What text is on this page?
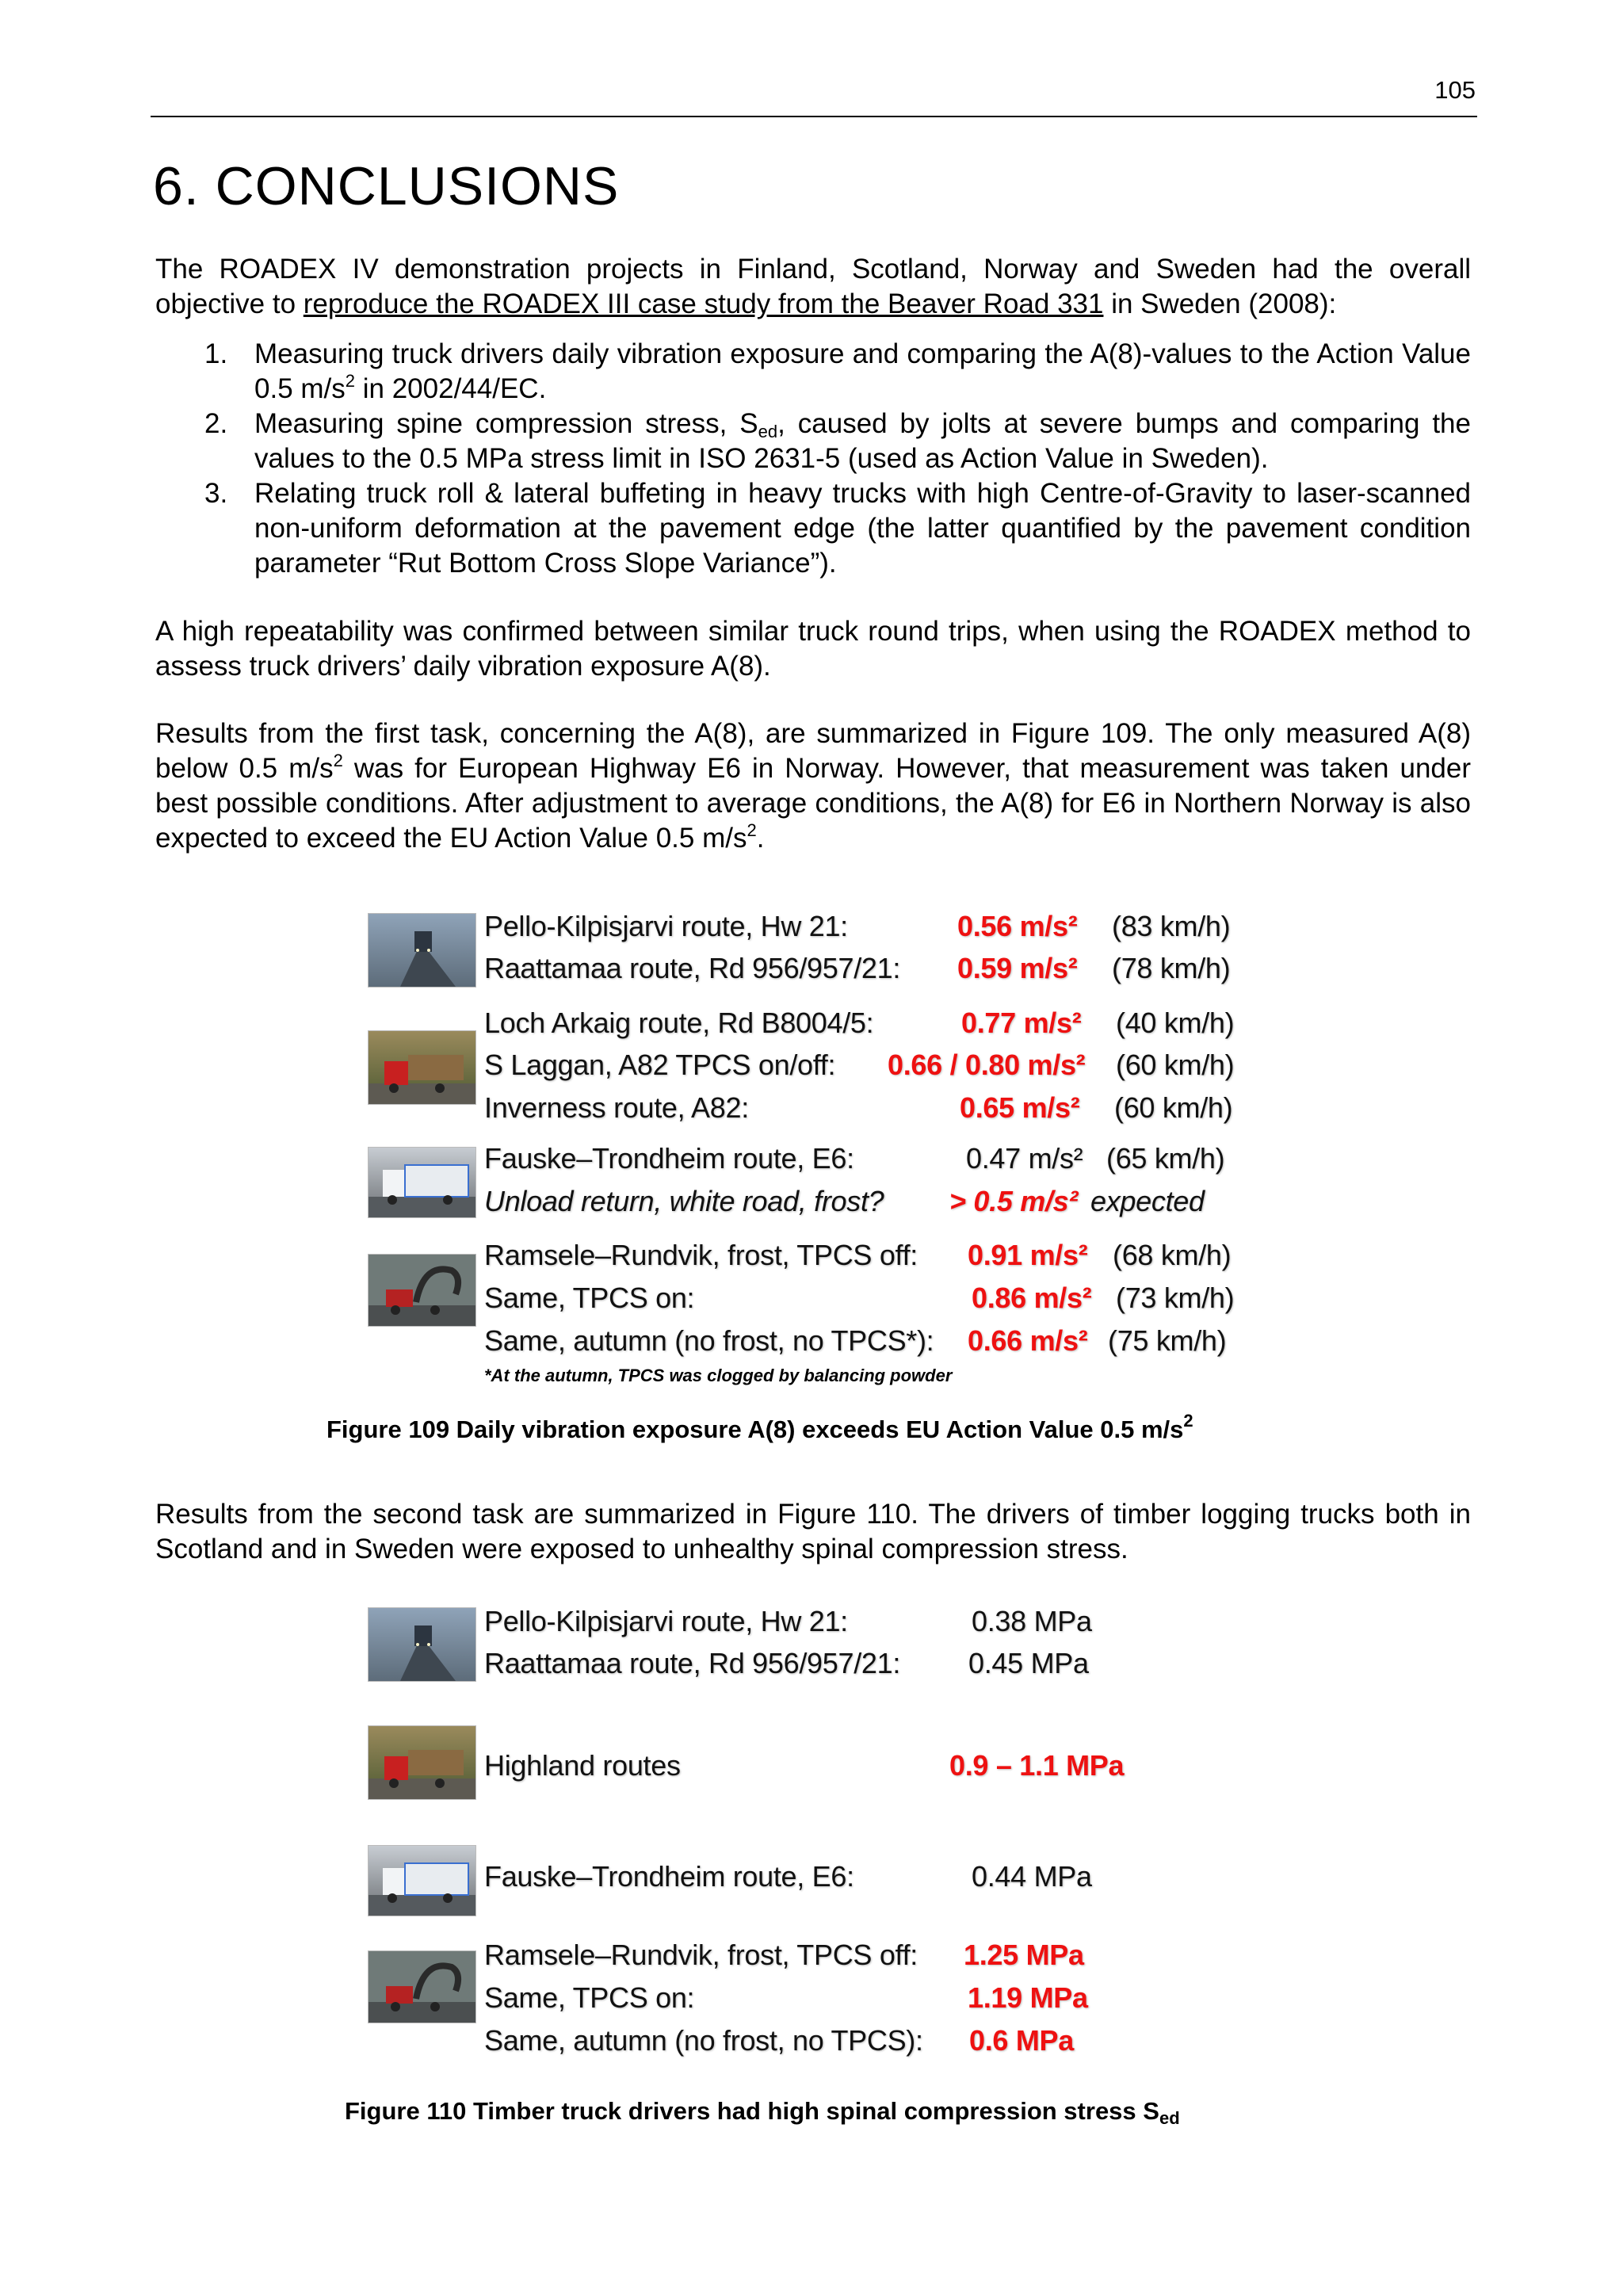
105
6. CONCLUSIONS

The ROADEX IV demonstration projects in Finland, Scotland, Norway and Sweden had the overall objective to reproduce the ROADEX III case study from the Beaver Road 331 in Sweden (2008):

1. Measuring truck drivers daily vibration exposure and comparing the A(8)-values to the Action Value 0.5 $m/s^2$ in 2002/44/EC.
2. Measuring spine compression stress, $S_{ed}$, caused by jolts at severe bumps and comparing the values to the 0.5 MPa stress limit in ISO 2631-5 (used as Action Value in Sweden).
3. Relating truck roll & lateral buffeting in heavy trucks with high Centre-of-Gravity to laser-scanned non-uniform deformation at the pavement edge (the latter quantified by the pavement condition parameter “Rut Bottom Cross Slope Variance”).

A high repeatability was confirmed between similar truck round trips, when using the ROADEX method to assess truck drivers’ daily vibration exposure A(8).

Results from the first task, concerning the A(8), are summarized in Figure 109. The only measured A(8) below 0.5 $m/s^2$ was for European Highway E6 in Norway. However, that measurement was taken under best possible conditions. After adjustment to average conditions, the A(8) for E6 in Northern Norway is also expected to exceed the EU Action Value 0.5 $m/s^2$.

Pello-Kilpisjarvi route, Hw 21:	0.56 m/s² (83 km/h)
Raattamaa route, Rd 956/957/21: 0.59 m/s² (78 km/h)
Loch Arkaig route, Rd B8004/5:	0.77 m/s² (40 km/h)
S Laggan, A82 TPCS on/off: 0.66 / 0.80 m/s² (60 km/h)
Inverness route, A82:	0.65 m/s² (60 km/h)
Fauske–Trondheim route, E6:	0.47 m/s² (65 km/h)
Unload return, white road, frost? > 0.5 m/s² expected
Ramsele–Rundvik, frost, TPCS off: 0.91 m/s² (68 km/h)
Same, TPCS on:	0.86 m/s² (73 km/h)
Same, autumn (no frost, no TPCS*): 0.66 m/s² (75 km/h)
*At the autumn, TPCS was clogged by balancing powder
Figure 109 Daily vibration exposure A(8) exceeds EU Action Value 0.5 $m/s^2$

Results from the second task are summarized in Figure 110. The drivers of timber logging trucks both in Scotland and in Sweden were exposed to unhealthy spinal compression stress.

Pello-Kilpisjarvi route, Hw 21:	0.38 MPa
Raattamaa route, Rd 956/957/21: 0.45 MPa
Highland routes	0.9 – 1.1 MPa
Fauske–Trondheim route, E6:	0.44 MPa
Ramsele–Rundvik, frost, TPCS off: 1.25 MPa
Same, TPCS on:	1.19 MPa
Same, autumn (no frost, no TPCS): 0.6 MPa
Figure 110 Timber truck drivers had high spinal compression stress $S_{ed}$
